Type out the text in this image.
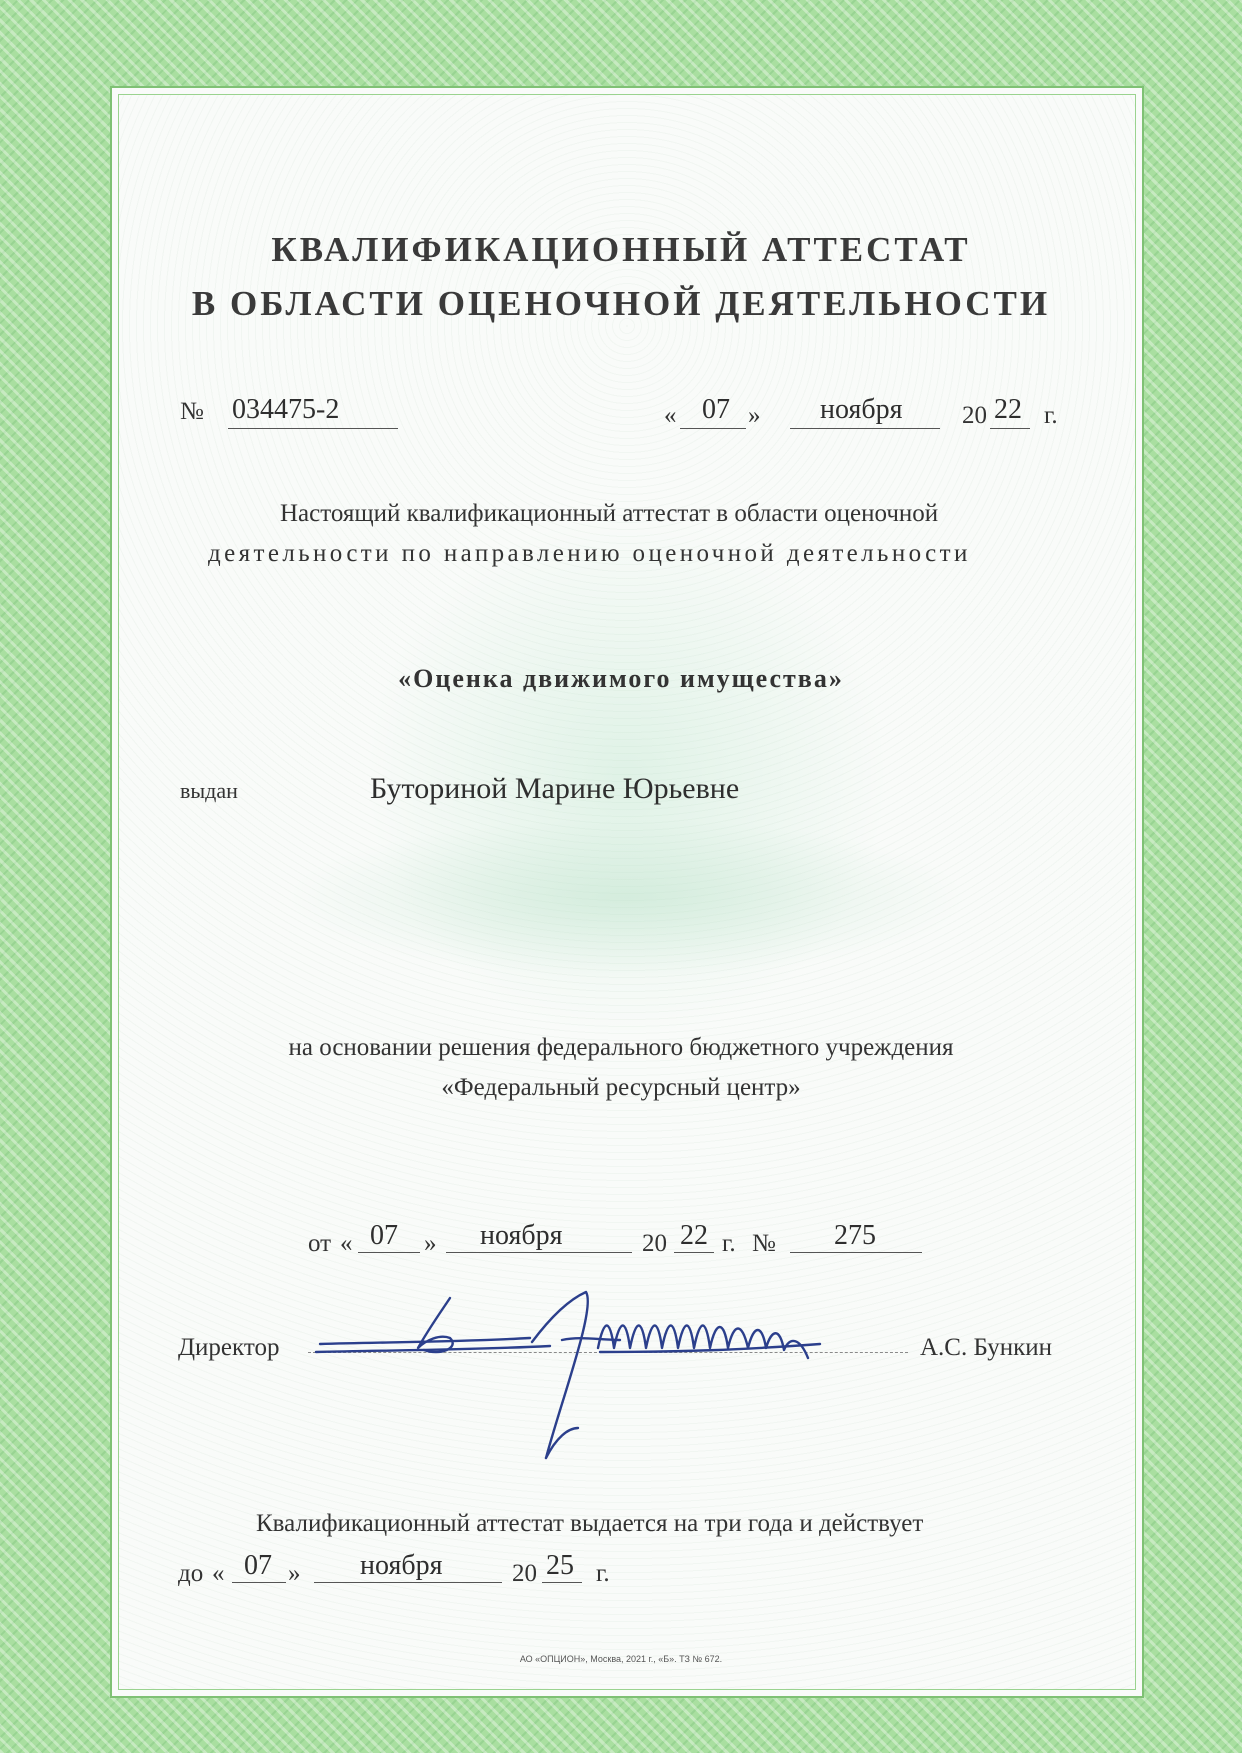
КВАЛИФИКАЦИОННЫЙ АТТЕСТАТ
В ОБЛАСТИ ОЦЕНОЧНОЙ ДЕЯТЕЛЬНОСТИ
№ 034475-2	« 07 » ноября 20 22 г.
Настоящий квалификационный аттестат в области оценочной
деятельности по направлению оценочной деятельности
«Оценка движимого имущества»
выдан	Буториной Марине Юрьевне
на основании решения федерального бюджетного учреждения
«Федеральный ресурсный центр»
от « 07 » ноября	20 22 г. № 275
Директор	А.С. Бункин
Квалификационный аттестат выдается на три года и действует
до « 07 » ноября	20 25 г.
АО «ОПЦИОН», Москва, 2021 г., «Б». ТЗ № 672.
